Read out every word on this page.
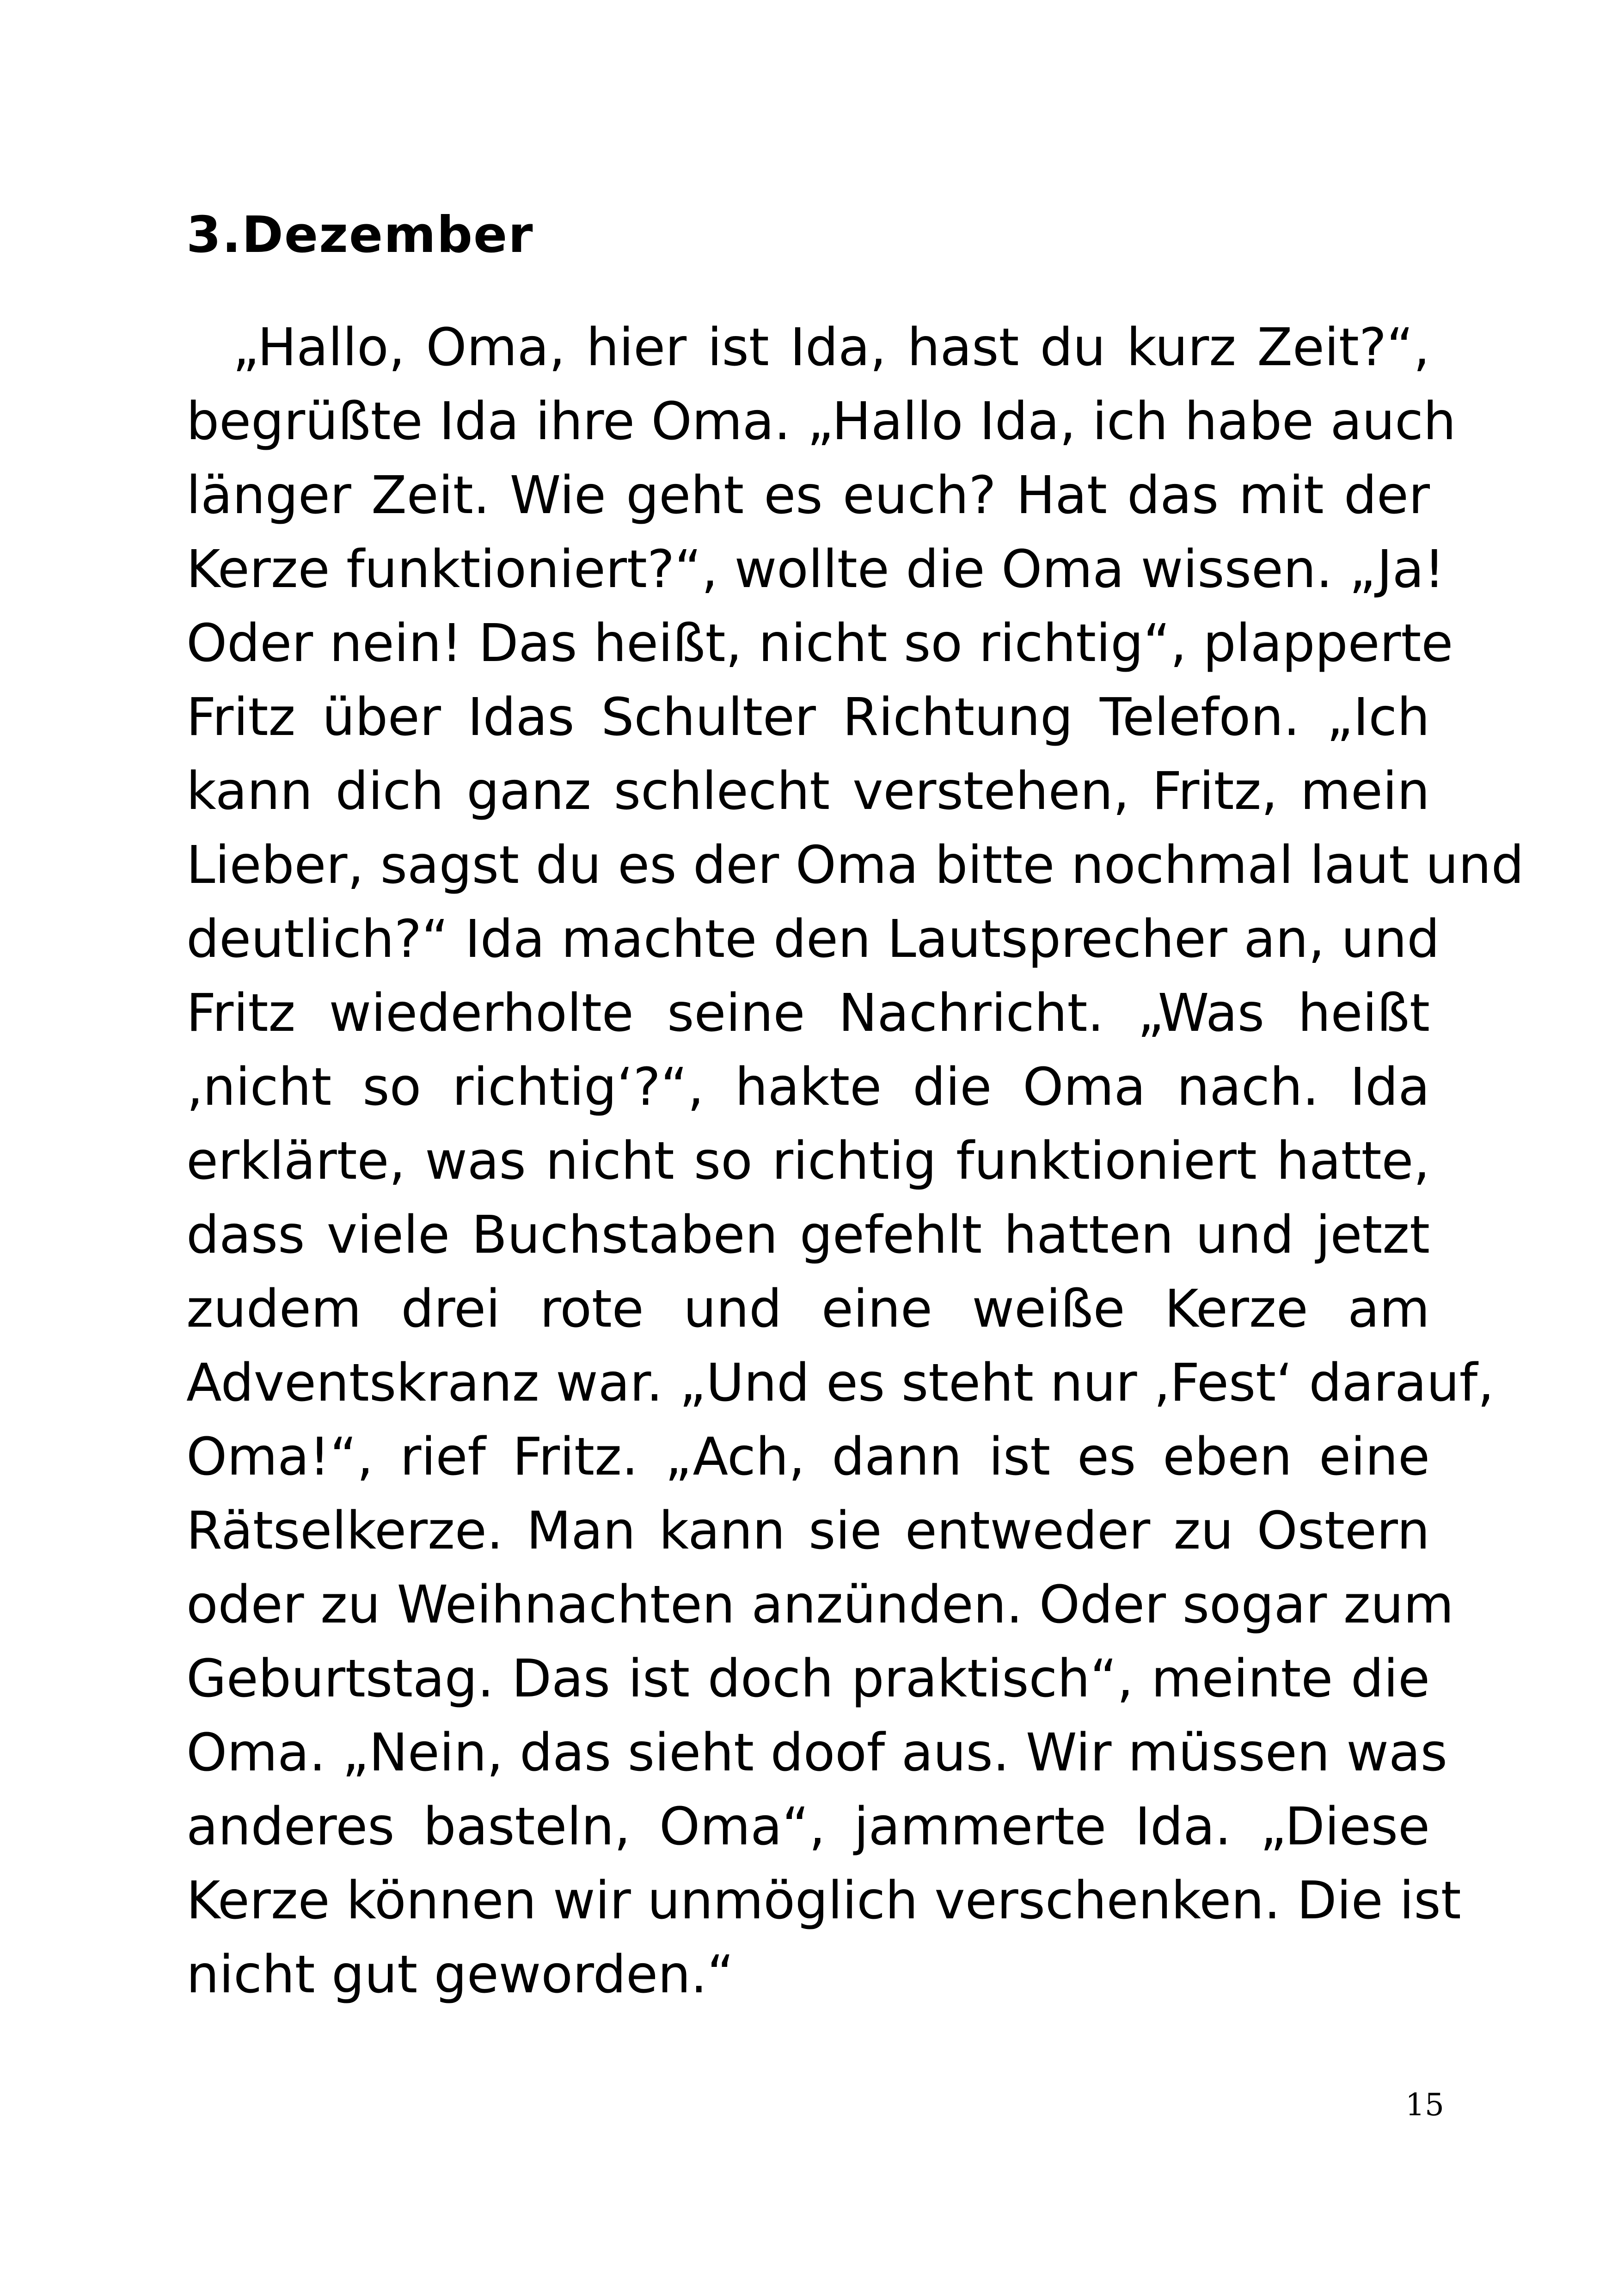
3.Dezember
„Hallo, Oma, hier ist Ida, hast du kurz Zeit?“,
begrüßte Ida ihre Oma. „Hallo Ida, ich habe auch
länger Zeit. Wie geht es euch? Hat das mit der
Kerze funktioniert?“, wollte die Oma wissen. „Ja!
Oder nein! Das heißt, nicht so richtig“, plapperte
Fritz über Idas Schulter Richtung Telefon. „Ich
kann dich ganz schlecht verstehen, Fritz, mein
Lieber, sagst du es der Oma bitte nochmal laut und
deutlich?“ Ida machte den Lautsprecher an, und
Fritz wiederholte seine Nachricht. „Was heißt
‚nicht so richtig‘?“, hakte die Oma nach. Ida
erklärte, was nicht so richtig funktioniert hatte,
dass viele Buchstaben gefehlt hatten und jetzt
zudem drei rote und eine weiße Kerze am
Adventskranz war. „Und es steht nur ‚Fest‘ darauf,
Oma!“, rief Fritz. „Ach, dann ist es eben eine
Rätselkerze. Man kann sie entweder zu Ostern
oder zu Weihnachten anzünden. Oder sogar zum
Geburtstag. Das ist doch praktisch“, meinte die
Oma. „Nein, das sieht doof aus. Wir müssen was
anderes basteln, Oma“, jammerte Ida. „Diese
Kerze können wir unmöglich verschenken. Die ist
nicht gut geworden.“
15
